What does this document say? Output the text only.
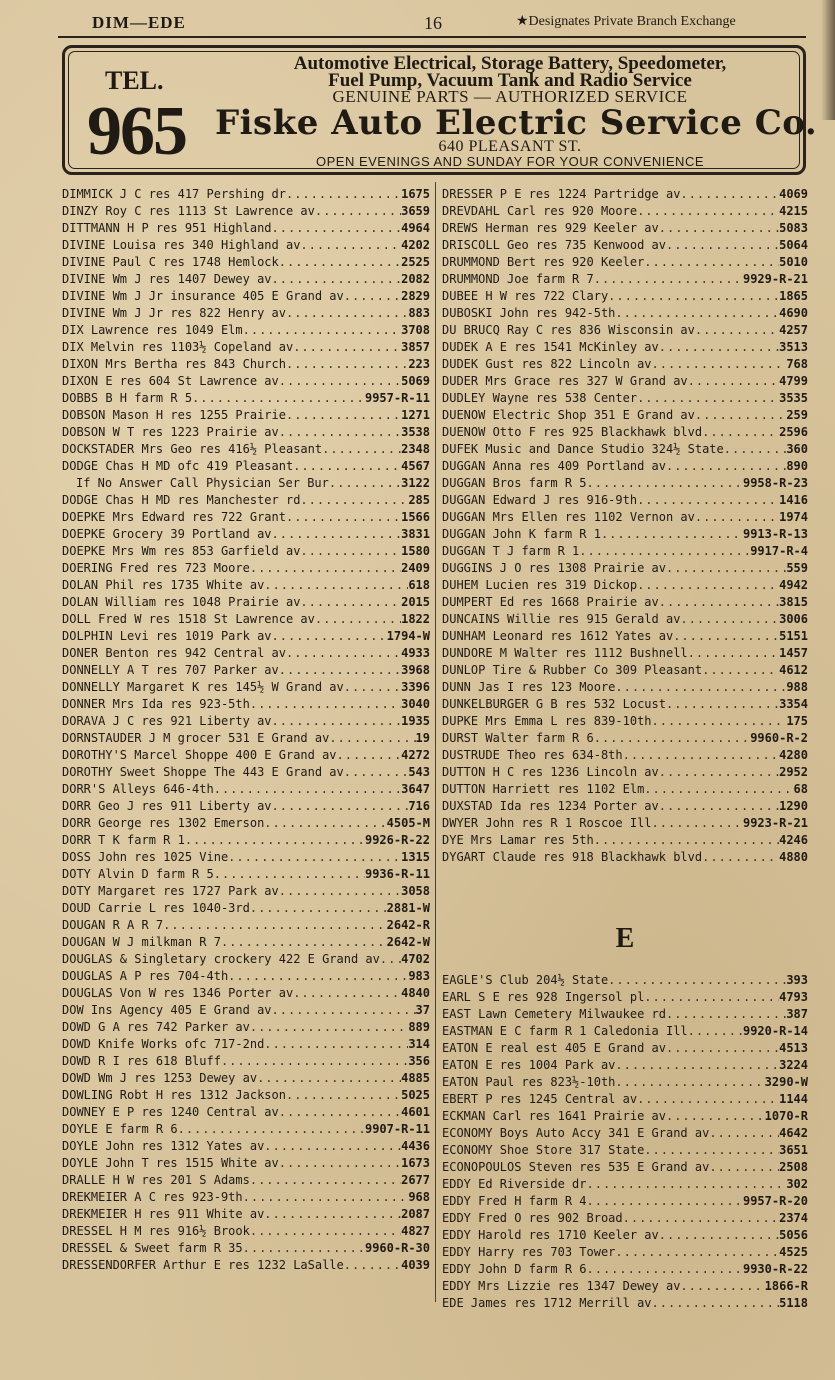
DIM—EDE	16	★Designates Private Branch Exchange
TEL.
965
Automotive Electrical, Storage Battery, Speedometer,
Fuel Pump, Vacuum Tank and Radio Service
GENUINE PARTS — AUTHORIZED SERVICE
Fiske Auto Electric Service Co.
640 PLEASANT ST.
OPEN EVENINGS AND SUNDAY FOR YOUR CONVENIENCE
DIMMICK J C res 417 Pershing dr .....	1675
DINZY Roy C res 1113 St Lawrence av .....	3659
DITTMANN H P res 951 Highland .....	4964
DIVINE Louisa res 340 Highland av .....	4202
DIVINE Paul C res 1748 Hemlock .....	2525
DIVINE Wm J res 1407 Dewey av .....	2082
DIVINE Wm J Jr insurance 405 E Grand av .....	2829
DIVINE Wm J Jr res 822 Henry av .....	883
DIX Lawrence res 1049 Elm .....	3708
DIX Melvin res 1103½ Copeland av .....	3857
DIXON Mrs Bertha res 843 Church .....	223
DIXON E res 604 St Lawrence av .....	5069
DOBBS B H farm R 5 .....	9957-R-11
DOBSON Mason H res 1255 Prairie .....	1271
DOBSON W T res 1223 Prairie av .....	3538
DOCKSTADER Mrs Geo res 416½ Pleasant .....	2348
DODGE Chas H MD ofc 419 Pleasant .....	4567
If No Answer Call Physician Ser Bur .....	3122
DODGE Chas H MD res Manchester rd .....	285
DOEPKE Mrs Edward res 722 Grant .....	1566
DOEPKE Grocery 39 Portland av .....	3831
DOEPKE Mrs Wm res 853 Garfield av .....	1580
DOERING Fred res 723 Moore .....	2409
DOLAN Phil res 1735 White av .....	618
DOLAN William res 1048 Prairie av .....	2015
DOLL Fred W res 1518 St Lawrence av .....	1822
DOLPHIN Levi res 1019 Park av .....	1794-W
DONER Benton res 942 Central av .....	4933
DONNELLY A T res 707 Parker av .....	3968
DONNELLY Margaret K res 145½ W Grand av .....	3396
DONNER Mrs Ida res 923-5th .....	3040
DORAVA J C res 921 Liberty av .....	1935
DORNSTAUDER J M grocer 531 E Grand av .....	19
DOROTHY'S Marcel Shoppe 400 E Grand av .....	4272
DOROTHY Sweet Shoppe The 443 E Grand av .....	543
DORR'S Alleys 646-4th .....	3647
DORR Geo J res 911 Liberty av .....	716
DORR George res 1302 Emerson .....	4505-M
DORR T K farm R 1 .....	9926-R-22
DOSS John res 1025 Vine .....	1315
DOTY Alvin D farm R 5 .....	9936-R-11
DOTY Margaret res 1727 Park av .....	3058
DOUD Carrie L res 1040-3rd .....	2881-W
DOUGAN R A R 7 .....	2642-R
DOUGAN W J milkman R 7 .....	2642-W
DOUGLAS & Singletary crockery 422 E Grand av ..... 4702
DOUGLAS A P res 704-4th .....	983
DOUGLAS Von W res 1346 Porter av .....	4840
DOW Ins Agency 405 E Grand av .....	37
DOWD G A res 742 Parker av .....	889
DOWD Knife Works ofc 717-2nd .....	314
DOWD R I res 618 Bluff .....	356
DOWD Wm J res 1253 Dewey av .....	4885
DOWLING Robt H res 1312 Jackson .....	5025
DOWNEY E P res 1240 Central av .....	4601
DOYLE E farm R 6 .....	9907-R-11
DOYLE John res 1312 Yates av .....	4436
DOYLE John T res 1515 White av .....	1673
DRALLE H W res 201 S Adams .....	2677
DREKMEIER A C res 923-9th .....	968
DREKMEIER H res 911 White av .....	2087
DRESSEL H M res 916½ Brook .....	4827
DRESSEL & Sweet farm R 35 .....	9960-R-30
DRESSENDORFER Arthur E res 1232 LaSalle .....	4039
DRESSER P E res 1224 Partridge av .....	4069
DREVDAHL Carl res 920 Moore .....	4215
DREWS Herman res 929 Keeler av .....	5083
DRISCOLL Geo res 735 Kenwood av .....	5064
DRUMMOND Bert res 920 Keeler .....	5010
DRUMMOND Joe farm R 7 .....	9929-R-21
DUBEE H W res 722 Clary .....	1865
DUBOSKI John res 942-5th .....	4690
DU BRUCQ Ray C res 836 Wisconsin av .....	4257
DUDEK A E res 1541 McKinley av .....	3513
DUDEK Gust res 822 Lincoln av .....	768
DUDER Mrs Grace res 327 W Grand av .....	4799
DUDLEY Wayne res 538 Center .....	3535
DUENOW Electric Shop 351 E Grand av .....	259
DUENOW Otto F res 925 Blackhawk blvd .....	2596
DUFEK Music and Dance Studio 324½ State .....	360
DUGGAN Anna res 409 Portland av .....	890
DUGGAN Bros farm R 5 .....	9958-R-23
DUGGAN Edward J res 916-9th .....	1416
DUGGAN Mrs Ellen res 1102 Vernon av .....	1974
DUGGAN John K farm R 1 .....	9913-R-13
DUGGAN T J farm R 1 .....	9917-R-4
DUGGINS J O res 1308 Prairie av .....	559
DUHEM Lucien res 319 Dickop .....	4942
DUMPERT Ed res 1668 Prairie av .....	3815
DUNCAINS Willie res 915 Gerald av .....	3006
DUNHAM Leonard res 1612 Yates av .....	5151
DUNDORE M Walter res 1112 Bushnell .....	1457
DUNLOP Tire & Rubber Co 309 Pleasant .....	4612
DUNN Jas I res 123 Moore .....	988
DUNKELBURGER G B res 532 Locust .....	3354
DUPKE Mrs Emma L res 839-10th .....	175
DURST Walter farm R 6 .....	9960-R-2
DUSTRUDE Theo res 634-8th .....	4280
DUTTON H C res 1236 Lincoln av .....	2952
DUTTON Harriett res 1102 Elm .....	68
DUXSTAD Ida res 1234 Porter av .....	1290
DWYER John res R 1 Roscoe Ill .....	9923-R-21
DYE Mrs Lamar res 5th .....	4246
DYGART Claude res 918 Blackhawk blvd .....	4880
E
EAGLE'S Club 204½ State .....	393
EARL S E res 928 Ingersol pl .....	4793
EAST Lawn Cemetery Milwaukee rd .....	387
EASTMAN E C farm R 1 Caledonia Ill .....	9920-R-14
EATON E real est 405 E Grand av .....	4513
EATON E res 1004 Park av .....	3224
EATON Paul res 823½-10th .....	3290-W
EBERT P res 1245 Central av .....	1144
ECKMAN Carl res 1641 Prairie av .....	1070-R
ECONOMY Boys Auto Accy 341 E Grand av .....	4642
ECONOMY Shoe Store 317 State .....	3651
ECONOPOULOS Steven res 535 E Grand av .....	2508
EDDY Ed Riverside dr .....	302
EDDY Fred H farm R 4 .....	9957-R-20
EDDY Fred O res 902 Broad .....	2374
EDDY Harold res 1710 Keeler av .....	5056
EDDY Harry res 703 Tower .....	4525
EDDY John D farm R 6 .....	9930-R-22
EDDY Mrs Lizzie res 1347 Dewey av .....	1866-R
EDE James res 1712 Merrill av .....	5118
